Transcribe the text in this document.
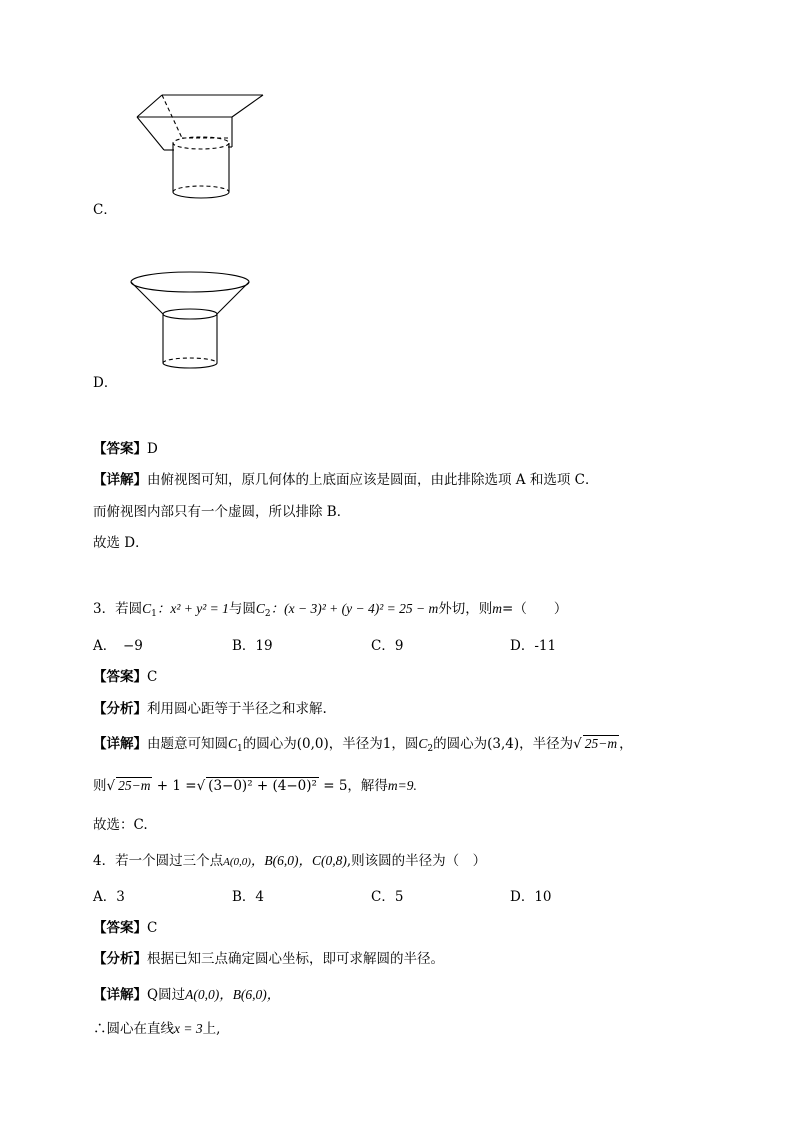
C．
D．
【答案】D
【详解】由俯视图可知，原几何体的上底面应该是圆面，由此排除选项 A 和选项 C．
而俯视图内部只有一个虚圆，所以排除 B．
故选 D．
3．若圆$C_1$：x² + y² = 1与圆$C_2$：(x − 3)² + (y − 4)² = 25 − m外切，则m=（　　）
A．　−9	B．19	C．9	D．-11
【答案】C
【分析】利用圆心距等于半径之和求解.
【详解】由题意可知圆$C_1$的圆心为(0,0)，半径为1，圆$C_2$的圆心为(3,4)，半径为√ 25−m ，
则√ 25−m + 1 =√ (3−0)² + (4−0)² = 5，解得m=9.
故选：C.
4．若一个圆过三个点A(0,0)，B(6,0)，C(0,8),则该圆的半径为（　）
A．3	B．4	C．5	D．10
【答案】C
【分析】根据已知三点确定圆心坐标，即可求解圆的半径。
【详解】Q圆过A(0,0)，B(6,0)，
∴圆心在直线x = 3上,
